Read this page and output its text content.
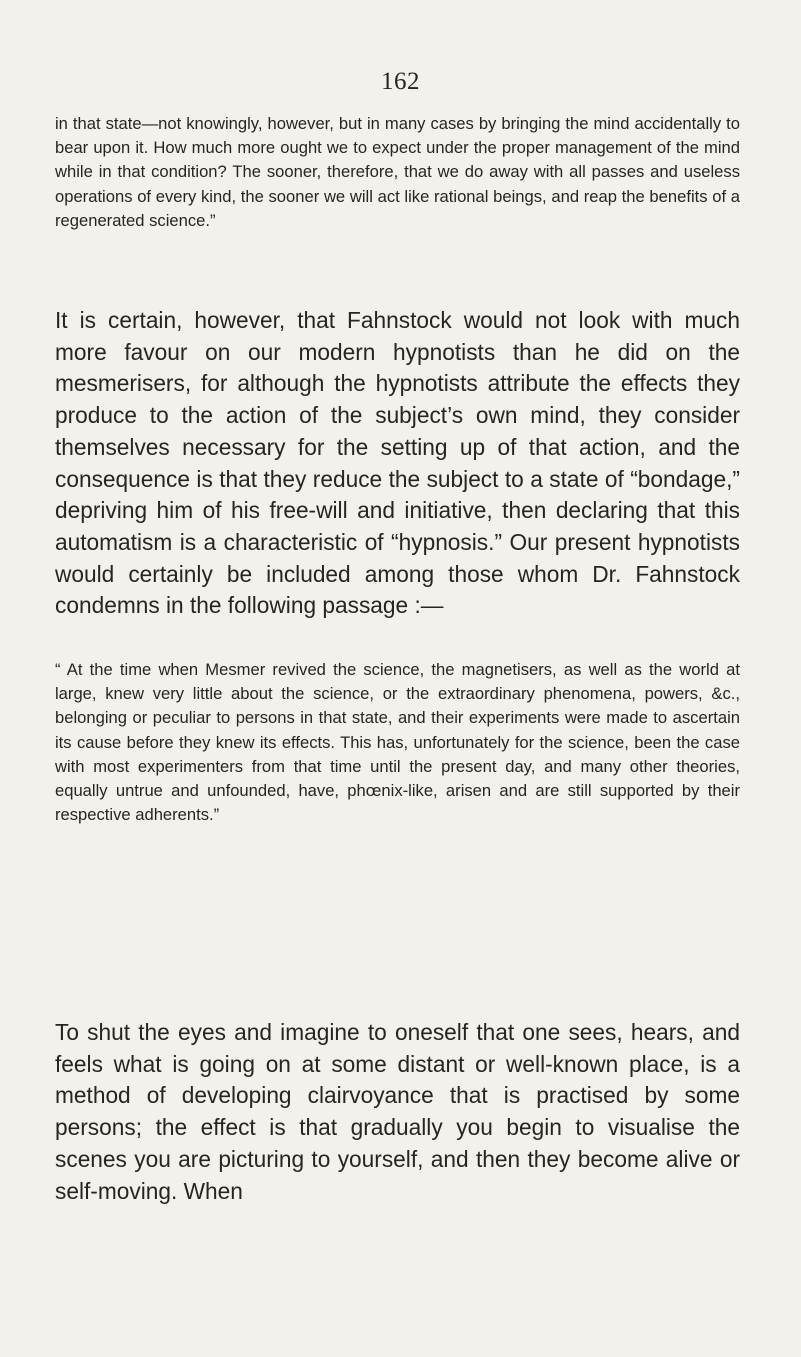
162

in that state—not knowingly, however, but in many cases by bringing the mind accidentally to bear upon it. How much more ought we to expect under the proper management of the mind while in that condition? The sooner, therefore, that we do away with all passes and useless operations of every kind, the sooner we will act like rational beings, and reap the benefits of a regenerated science.”

It is certain, however, that Fahnstock would not look with much more favour on our modern hypnotists than he did on the mesmerisers, for although the hypnotists attribute the effects they produce to the action of the subject’s own mind, they consider themselves necessary for the setting up of that action, and the consequence is that they reduce the subject to a state of “bondage,” depriving him of his free-will and initiative, then declaring that this automatism is a characteristic of “hypnosis.” Our present hypnotists would certainly be included among those whom Dr. Fahnstock condemns in the following passage :—

“ At the time when Mesmer revived the science, the magnetisers, as well as the world at large, knew very little about the science, or the extraordinary phenomena, powers, &c., belonging or peculiar to persons in that state, and their experiments were made to ascertain its cause before they knew its effects. This has, unfortunately for the science, been the case with most experimenters from that time until the present day, and many other theories, equally untrue and unfounded, have, phœnix-like, arisen and are still supported by their respective adherents.”

To shut the eyes and imagine to oneself that one sees, hears, and feels what is going on at some distant or well-known place, is a method of developing clairvoyance that is practised by some persons; the effect is that gradually you begin to visualise the scenes you are picturing to yourself, and then they become alive or self-moving. When
